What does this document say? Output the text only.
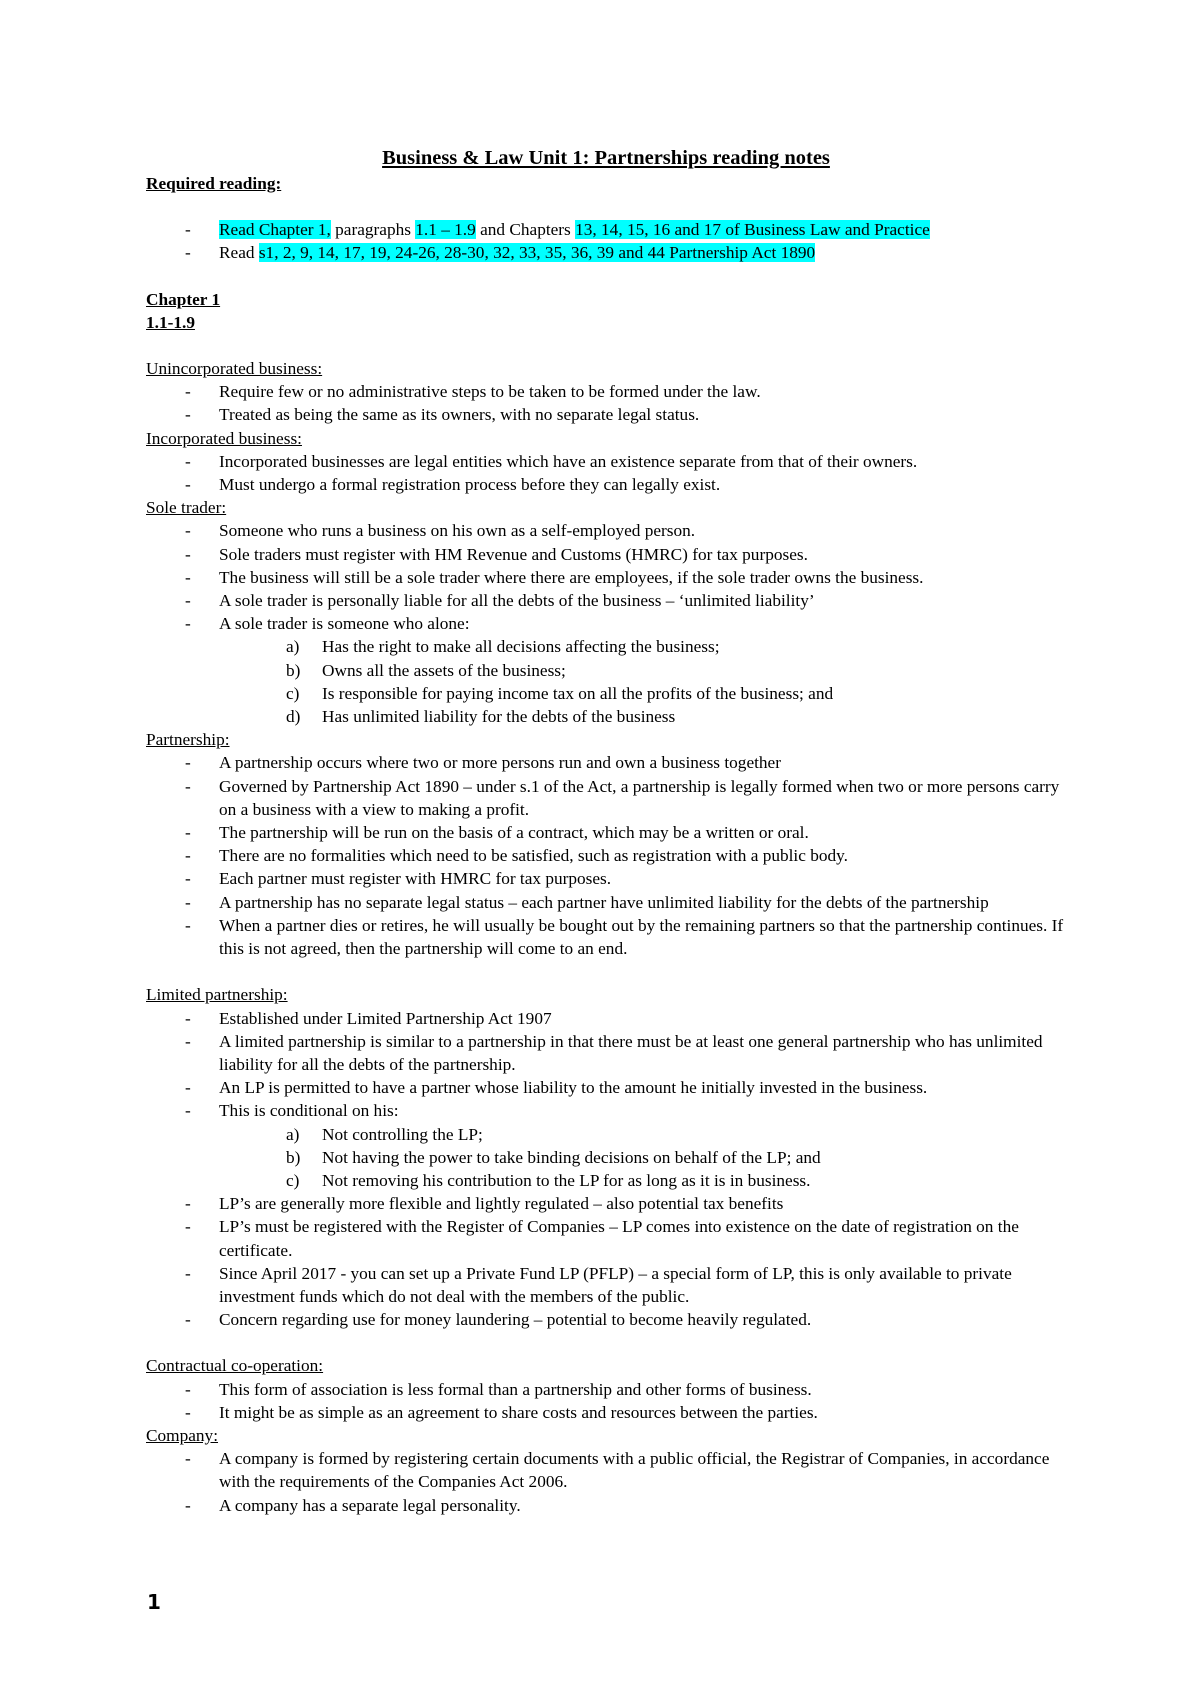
Business & Law Unit 1: Partnerships reading notes

Required reading:

- Read Chapter 1, paragraphs 1.1 – 1.9 and Chapters 13, 14, 15, 16 and 17 of Business Law and Practice
- Read s1, 2, 9, 14, 17, 19, 24-26, 28-30, 32, 33, 35, 36, 39 and 44 Partnership Act 1890

Chapter 1

1.1-1.9

Unincorporated business:

- Require few or no administrative steps to be taken to be formed under the law.
- Treated as being the same as its owners, with no separate legal status.

Incorporated business:

- Incorporated businesses are legal entities which have an existence separate from that of their owners.
- Must undergo a formal registration process before they can legally exist.

Sole trader:

- Someone who runs a business on his own as a self-employed person.
- Sole traders must register with HM Revenue and Customs (HMRC) for tax purposes.
- The business will still be a sole trader where there are employees, if the sole trader owns the business.
- A sole trader is personally liable for all the debts of the business – ‘unlimited liability’
- A sole trader is someone who alone:
a) Has the right to make all decisions affecting the business;
b) Owns all the assets of the business;
c) Is responsible for paying income tax on all the profits of the business; and
d) Has unlimited liability for the debts of the business

Partnership:

- A partnership occurs where two or more persons run and own a business together
- Governed by Partnership Act 1890 – under s.1 of the Act, a partnership is legally formed when two or more persons carry on a business with a view to making a profit.
- The partnership will be run on the basis of a contract, which may be a written or oral.
- There are no formalities which need to be satisfied, such as registration with a public body.
- Each partner must register with HMRC for tax purposes.
- A partnership has no separate legal status – each partner have unlimited liability for the debts of the partnership
- When a partner dies or retires, he will usually be bought out by the remaining partners so that the partnership continues. If this is not agreed, then the partnership will come to an end.

Limited partnership:

- Established under Limited Partnership Act 1907
- A limited partnership is similar to a partnership in that there must be at least one general partnership who has unlimited liability for all the debts of the partnership.
- An LP is permitted to have a partner whose liability to the amount he initially invested in the business.
- This is conditional on his:
a) Not controlling the LP;
b) Not having the power to take binding decisions on behalf of the LP; and
c) Not removing his contribution to the LP for as long as it is in business.
- LP’s are generally more flexible and lightly regulated – also potential tax benefits
- LP’s must be registered with the Register of Companies – LP comes into existence on the date of registration on the certificate.
- Since April 2017 - you can set up a Private Fund LP (PFLP) – a special form of LP, this is only available to private investment funds which do not deal with the members of the public.
- Concern regarding use for money laundering – potential to become heavily regulated.

Contractual co-operation:

- This form of association is less formal than a partnership and other forms of business.
- It might be as simple as an agreement to share costs and resources between the parties.

Company:

- A company is formed by registering certain documents with a public official, the Registrar of Companies, in accordance with the requirements of the Companies Act 2006.
- A company has a separate legal personality.
1
